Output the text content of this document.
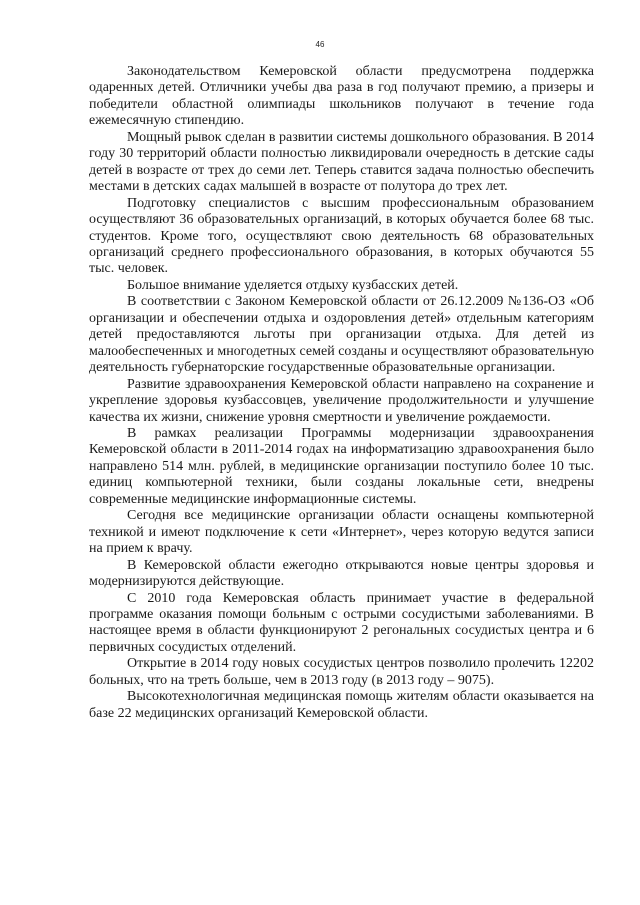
46

Законодательством Кемеровской области предусмотрена поддержка одаренных детей. Отличники учебы два раза в год получают премию, а призеры и победители областной олимпиады школьников получают в течение года ежемесячную стипендию.

Мощный рывок сделан в развитии системы дошкольного образования. В 2014 году 30 территорий области полностью ликвидировали очередность в детские сады детей в возрасте от трех до семи лет. Теперь ставится задача полностью обеспечить местами в детских садах малышей в возрасте от полутора до трех лет.

Подготовку специалистов с высшим профессиональным образованием осуществляют 36 образовательных организаций, в которых обучается более 68 тыс. студентов. Кроме того, осуществляют свою деятельность 68 образовательных организаций среднего профессионального образования, в которых обучаются 55 тыс. человек.

Большое внимание уделяется отдыху кузбасских детей.

В соответствии с Законом Кемеровской области от 26.12.2009 №136-ОЗ «Об организации и обеспечении отдыха и оздоровления детей» отдельным категориям детей предоставляются льготы при организации отдыха. Для детей из малообеспеченных и многодетных семей созданы и осуществляют образовательную деятельность губернаторские государственные образовательные организации.

Развитие здравоохранения Кемеровской области направлено на сохранение и укрепление здоровья кузбассовцев, увеличение продолжительности и улучшение качества их жизни, снижение уровня смертности и увеличение рождаемости.

В рамках реализации Программы модернизации здравоохранения Кемеровской области в 2011-2014 годах на информатизацию здравоохранения было направлено 514 млн. рублей, в медицинские организации поступило более 10 тыс. единиц компьютерной техники, были созданы локальные сети, внедрены современные медицинские информационные системы.

Сегодня все медицинские организации области оснащены компьютерной техникой и имеют подключение к сети «Интернет», через которую ведутся записи на прием к врачу.

В Кемеровской области ежегодно открываются новые центры здоровья и модернизируются действующие.

С 2010 года Кемеровская область принимает участие в федеральной программе оказания помощи больным с острыми сосудистыми заболеваниями. В настоящее время в области функционируют 2 регональных сосудистых центра и 6 первичных сосудистых отделений.

Открытие в 2014 году новых сосудистых центров позволило пролечить 12202 больных, что на треть больше, чем в 2013 году (в 2013 году – 9075).

Высокотехнологичная медицинская помощь жителям области оказывается на базе 22 медицинских организаций Кемеровской области.
